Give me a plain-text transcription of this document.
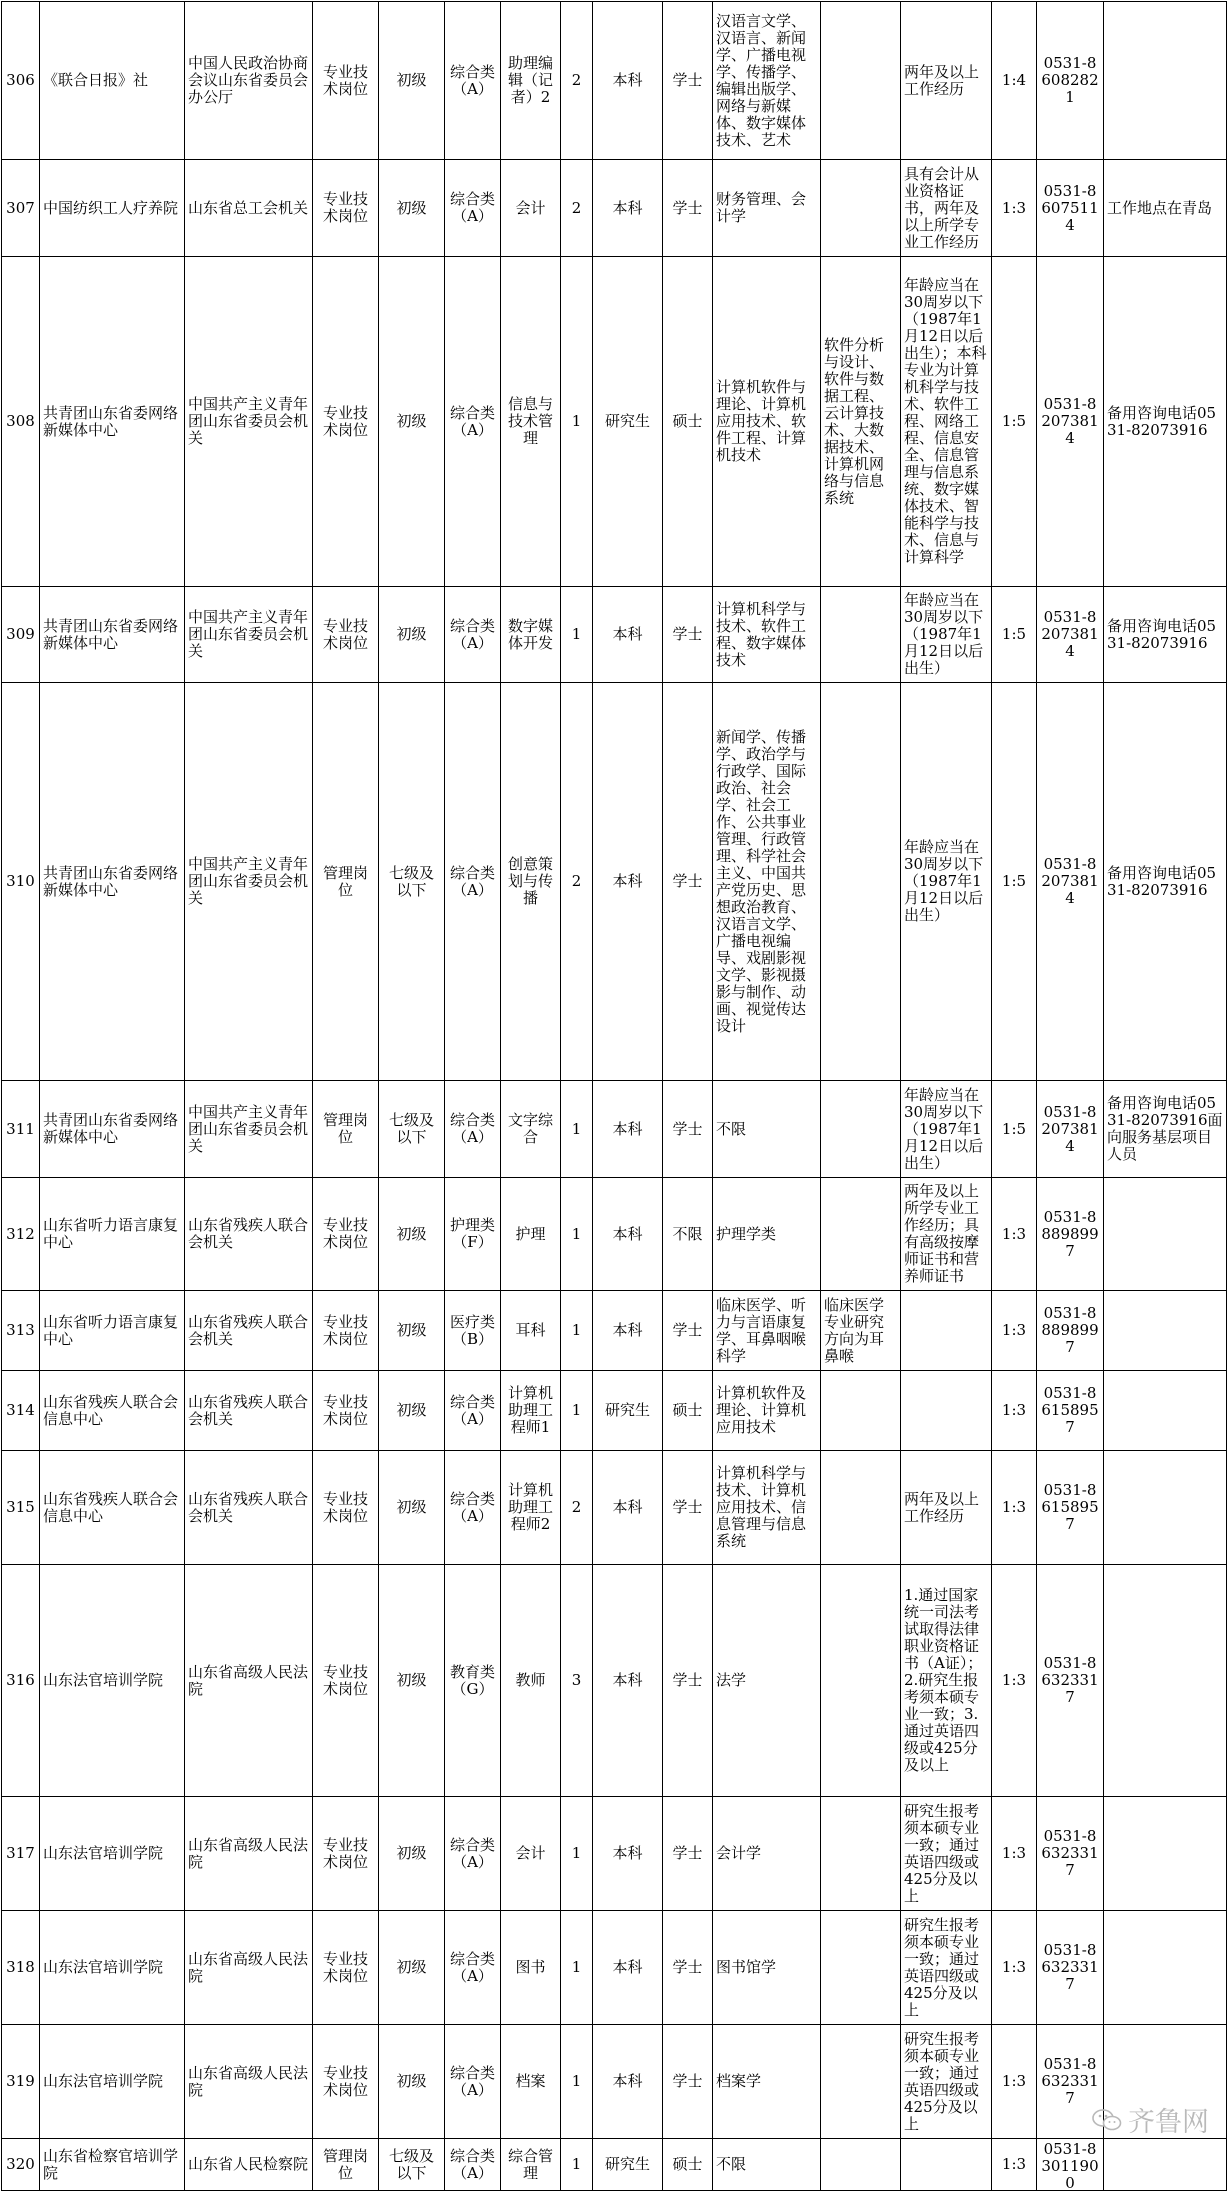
306	《联合日报》社	中国人民政治协商会议山东省委员会办公厅	专业技术岗位	初级	综合类（A）	助理编辑（记者）2	2	本科	学士	汉语言文学、汉语言、新闻学、广播电视学、传播学、编辑出版学、网络与新媒体、数字媒体技术、艺术		两年及以上工作经历	1:4	0531-86082821	

307	中国纺织工人疗养院	山东省总工会机关	专业技术岗位	初级	综合类（A）	会计	2	本科	学士	财务管理、会计学		具有会计从业资格证书，两年及以上所学专业工作经历	1:3	0531-86075114	工作地点在青岛

308	共青团山东省委网络新媒体中心	中国共产主义青年团山东省委员会机关	专业技术岗位	初级	综合类（A）	信息与技术管理	1	研究生	硕士	计算机软件与理论、计算机应用技术、软件工程、计算机技术	软件分析与设计、软件与数据工程、云计算技术、大数据技术、计算机网络与信息系统	年龄应当在30周岁以下（1987年1月12日以后出生）；本科专业为计算机科学与技术、软件工程、网络工程、信息安全、信息管理与信息系统、数字媒体技术、智能科学与技术、信息与计算科学	1:5	0531-82073814	备用咨询电话0531-82073916

309	共青团山东省委网络新媒体中心	中国共产主义青年团山东省委员会机关	专业技术岗位	初级	综合类（A）	数字媒体开发	1	本科	学士	计算机科学与技术、软件工程、数字媒体技术		年龄应当在30周岁以下（1987年1月12日以后出生）	1:5	0531-82073814	备用咨询电话0531-82073916

310	共青团山东省委网络新媒体中心	中国共产主义青年团山东省委员会机关	管理岗位	七级及以下	综合类（A）	创意策划与传播	2	本科	学士	新闻学、传播学、政治学与行政学、国际政治、社会学、社会工作、公共事业管理、行政管理、科学社会主义、中国共产党历史、思想政治教育、汉语言文学、广播电视编导、戏剧影视文学、影视摄影与制作、动画、视觉传达设计		年龄应当在30周岁以下（1987年1月12日以后出生）	1:5	0531-82073814	备用咨询电话0531-82073916

311	共青团山东省委网络新媒体中心	中国共产主义青年团山东省委员会机关	管理岗位	七级及以下	综合类（A）	文字综合	1	本科	学士	不限		年龄应当在30周岁以下（1987年1月12日以后出生）	1:5	0531-82073814	备用咨询电话0531-82073916面向服务基层项目人员

312	山东省听力语言康复中心	山东省残疾人联合会机关	专业技术岗位	初级	护理类（F）	护理	1	本科	不限	护理学类		两年及以上所学专业工作经历；具有高级按摩师证书和营养师证书	1:3	0531-88898997	

313	山东省听力语言康复中心	山东省残疾人联合会机关	专业技术岗位	初级	医疗类（B）	耳科	1	本科	学士	临床医学、听力与言语康复学、耳鼻咽喉科学	临床医学专业研究方向为耳鼻喉		1:3	0531-88898997	

314	山东省残疾人联合会信息中心	山东省残疾人联合会机关	专业技术岗位	初级	综合类（A）	计算机助理工程师1	1	研究生	硕士	计算机软件及理论、计算机应用技术			1:3	0531-86158957	

315	山东省残疾人联合会信息中心	山东省残疾人联合会机关	专业技术岗位	初级	综合类（A）	计算机助理工程师2	2	本科	学士	计算机科学与技术、计算机应用技术、信息管理与信息系统		两年及以上工作经历	1:3	0531-86158957	

316	山东法官培训学院	山东省高级人民法院	专业技术岗位	初级	教育类（G）	教师	3	本科	学士	法学		1.通过国家统一司法考试取得法律职业资格证书（A证）；2.研究生报考须本硕专业一致；3.通过英语四级或425分及以上	1:3	0531-86323317	

317	山东法官培训学院	山东省高级人民法院	专业技术岗位	初级	综合类（A）	会计	1	本科	学士	会计学		研究生报考须本硕专业一致；通过英语四级或425分及以上	1:3	0531-86323317	

318	山东法官培训学院	山东省高级人民法院	专业技术岗位	初级	综合类（A）	图书	1	本科	学士	图书馆学		研究生报考须本硕专业一致；通过英语四级或425分及以上	1:3	0531-86323317	

319	山东法官培训学院	山东省高级人民法院	专业技术岗位	初级	综合类（A）	档案	1	本科	学士	档案学		研究生报考须本硕专业一致；通过英语四级或425分及以上	1:3	0531-86323317	

320	山东省检察官培训学院	山东省人民检察院	管理岗位	七级及以下	综合类（A）	综合管理	1	研究生	硕士	不限			1:3	0531-83011900	

齐鲁网
